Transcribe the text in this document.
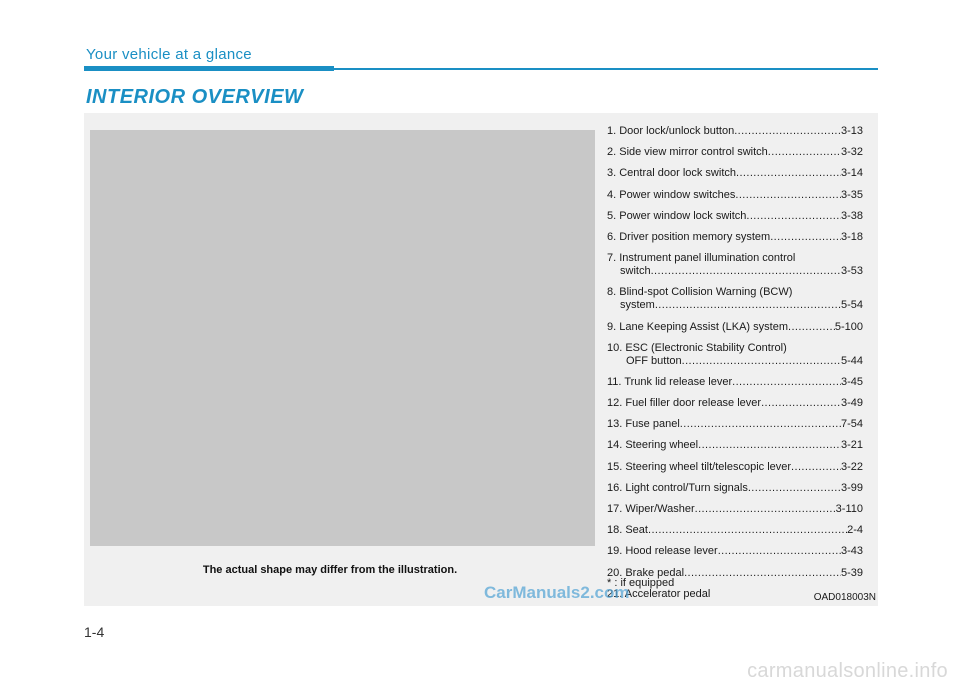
Your vehicle at a glance
INTERIOR OVERVIEW
The actual shape may differ from the illustration.
1. Door lock/unlock button .....	3-13
2. Side view mirror control switch .....	3-32
3. Central door lock switch .....	3-14
4. Power window switches .....	3-35
5. Power window lock switch .....	3-38
6. Driver position memory system .....	3-18
7. Instrument panel illumination control
switch .....	3-53
8. Blind-spot Collision Warning (BCW)
system .....	5-54
9. Lane Keeping Assist (LKA) system .....	5-100
10. ESC (Electronic Stability Control)
OFF button .....	5-44
11. Trunk lid release lever .....	3-45
12. Fuel filler door release lever .....	3-49
13. Fuse panel .....	7-54
14. Steering wheel .....	3-21
15. Steering wheel tilt/telescopic lever .....	3-22
16. Light control/Turn signals .....	3-99
17. Wiper/Washer .....	3-110
18. Seat .....	2-4
19. Hood release lever .....	3-43
20. Brake pedal .....	5-39
21. Accelerator pedal
* : if equipped
OAD018003N
CarManuals2.com
1-4
carmanualsonline.info
